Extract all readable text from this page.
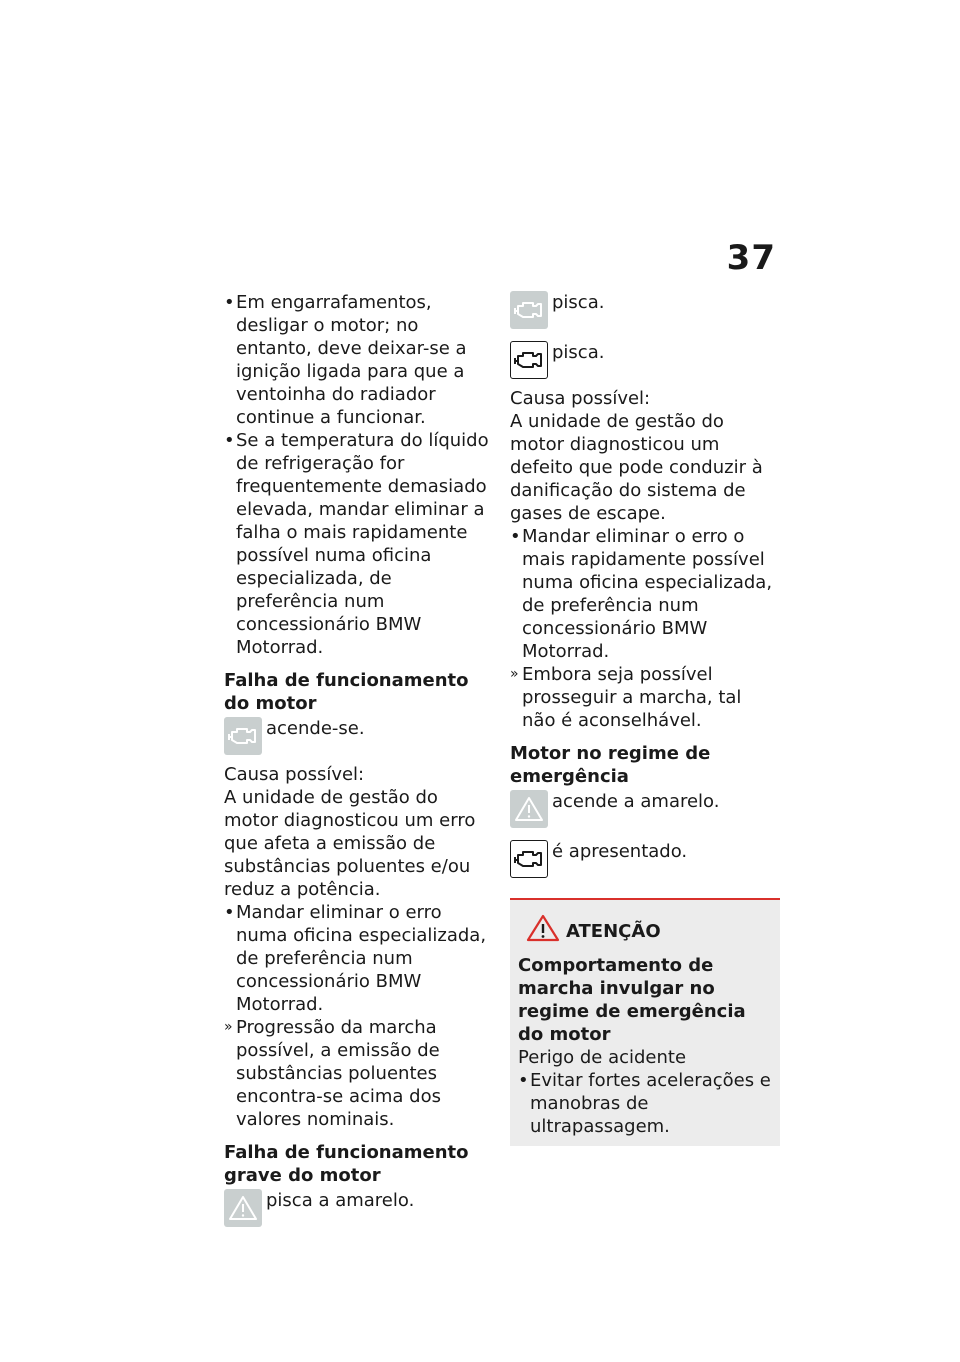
37
• Em engarrafamentos, desligar o motor; no entanto, deve deixar-se a ignição ligada para que a ventoinha do radiador continue a funcionar.
• Se a temperatura do líquido de refrigeração for frequentemente demasiado elevada, mandar eliminar a falha o mais rapidamente possível numa oficina especializada, de preferência num concessionário BMW Motorrad.
Falha de funcionamento do motor
acende-se.
Causa possível:
A unidade de gestão do motor diagnosticou um erro que afeta a emissão de substâncias poluentes e/ou reduz a potência.
• Mandar eliminar o erro numa oficina especializada, de preferência num concessionário BMW Motorrad.
» Progressão da marcha possível, a emissão de substâncias poluentes encontra-se acima dos valores nominais.
Falha de funcionamento grave do motor
pisca a amarelo.
pisca.
pisca.
Causa possível:
A unidade de gestão do motor diagnosticou um defeito que pode conduzir à danificação do sistema de gases de escape.
• Mandar eliminar o erro o mais rapidamente possível numa oficina especializada, de preferência num concessionário BMW Motorrad.
» Embora seja possível prosseguir a marcha, tal não é aconselhável.
Motor no regime de emergência
acende a amarelo.
é apresentado.
ATENÇÃO
Comportamento de marcha invulgar no regime de emergência do motor
Perigo de acidente
• Evitar fortes acelerações e manobras de ultrapassagem.
